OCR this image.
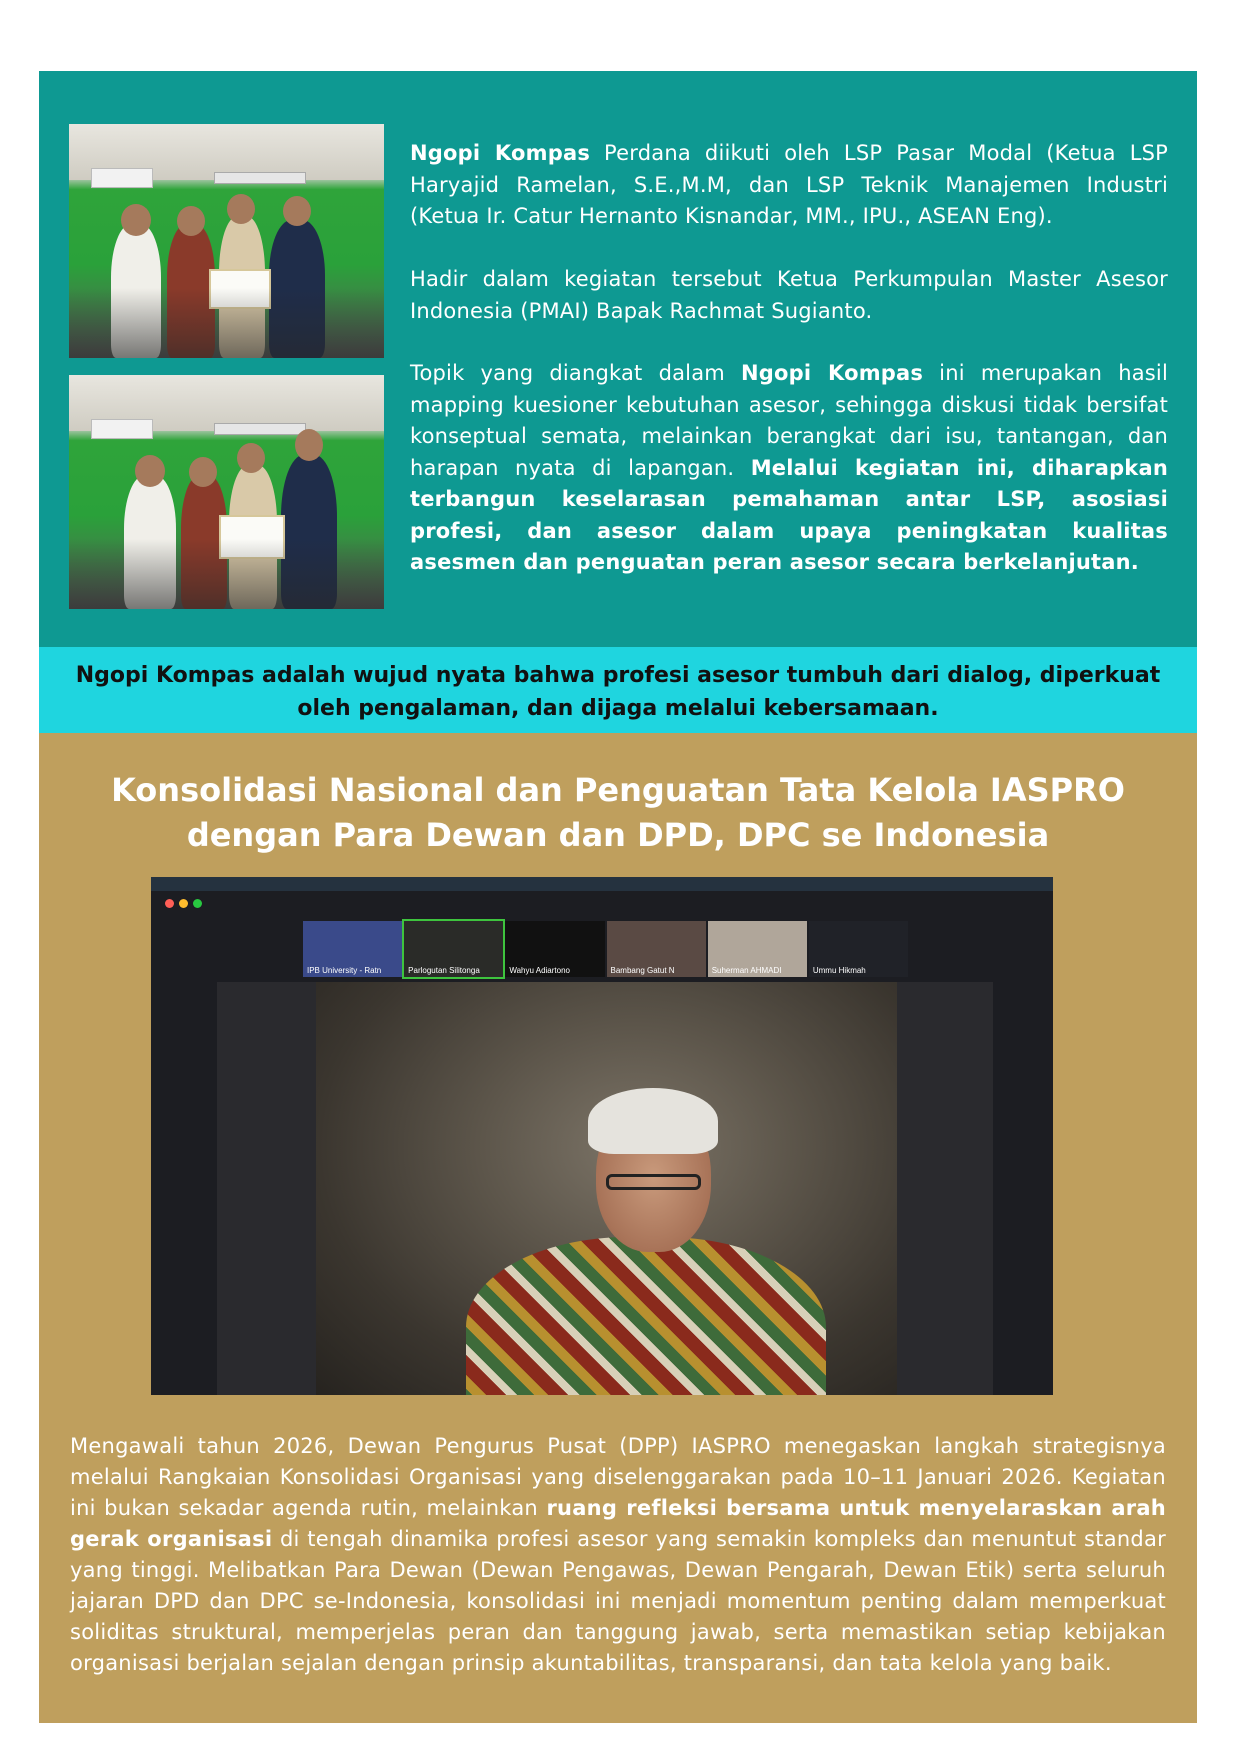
Ngopi Kompas Perdana diikuti oleh LSP Pasar Modal (Ketua LSP Haryajid Ramelan, S.E.,M.M, dan LSP Teknik Manajemen Industri (Ketua Ir. Catur Hernanto Kisnandar, MM., IPU., ASEAN Eng).
Hadir dalam kegiatan tersebut Ketua Perkumpulan Master Asesor Indonesia (PMAI) Bapak Rachmat Sugianto.
Topik yang diangkat dalam Ngopi Kompas ini merupakan hasil mapping kuesioner kebutuhan asesor, sehingga diskusi tidak bersifat konseptual semata, melainkan berangkat dari isu, tantangan, dan harapan nyata di lapangan. Melalui kegiatan ini, diharapkan terbangun keselarasan pemahaman antar LSP, asosiasi profesi, dan asesor dalam upaya peningkatan kualitas asesmen dan penguatan peran asesor secara berkelanjutan.
Ngopi Kompas adalah wujud nyata bahwa profesi asesor tumbuh dari dialog, diperkuat oleh pengalaman, dan dijaga melalui kebersamaan.
Konsolidasi Nasional dan Penguatan Tata Kelola IASPRO
dengan Para Dewan dan DPD, DPC se Indonesia
IPB University - Ratn	Parlogutan Silitonga	Wahyu Adiartono	Bambang Gatut N	Suherman AHMADI	Ummu Hikmah
Mengawali tahun 2026, Dewan Pengurus Pusat (DPP) IASPRO menegaskan langkah strategisnya melalui Rangkaian Konsolidasi Organisasi yang diselenggarakan pada 10–11 Januari 2026. Kegiatan ini bukan sekadar agenda rutin, melainkan ruang refleksi bersama untuk menyelaraskan arah gerak organisasi di tengah dinamika profesi asesor yang semakin kompleks dan menuntut standar yang tinggi. Melibatkan Para Dewan (Dewan Pengawas, Dewan Pengarah, Dewan Etik) serta seluruh jajaran DPD dan DPC se-Indonesia, konsolidasi ini menjadi momentum penting dalam memperkuat soliditas struktural, memperjelas peran dan tanggung jawab, serta memastikan setiap kebijakan organisasi berjalan sejalan dengan prinsip akuntabilitas, transparansi, dan tata kelola yang baik.
